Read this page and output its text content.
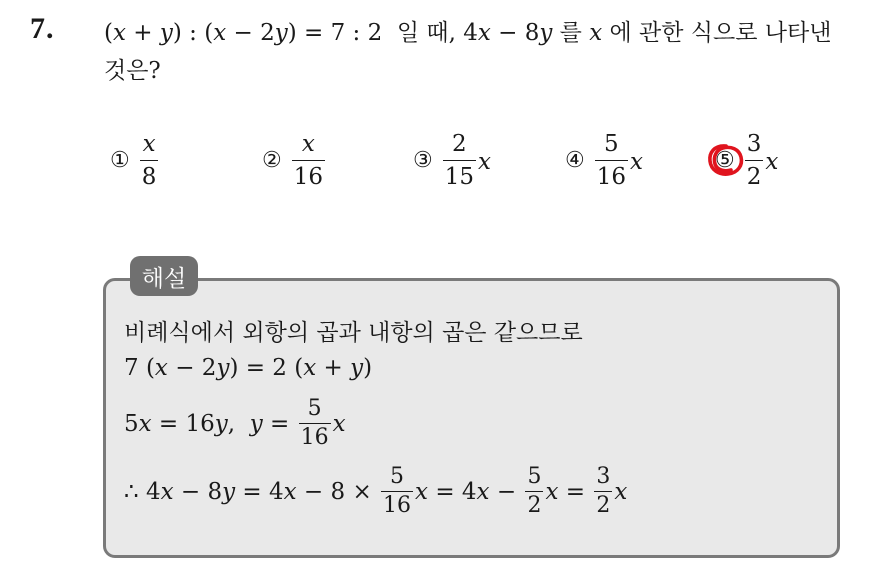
7. (x + y) : (x − 2y) = 7 : 2  일 때, 4x − 8y 를 x 에 관한 식으로 나타낸
것은?
① $\frac{x}{8}$	② $\frac{x}{16}$	③ $\frac{2}{15}$ x	④ $\frac{5}{16}$ x	⑤ $\frac{3}{2}$ x
해설
비례식에서 외항의 곱과 내항의 곱은 같으므로
7 ( x − 2 y ) = 2 ( x + y )
5 x = 16 y , $y = \frac{5}{16}$ x
∴ 4 x − 8 y = 4 $x - 8 \times \frac{5}{16}$ x = 4 $x - \frac{5}{2}$ $x = \frac{3}{2}$ x
